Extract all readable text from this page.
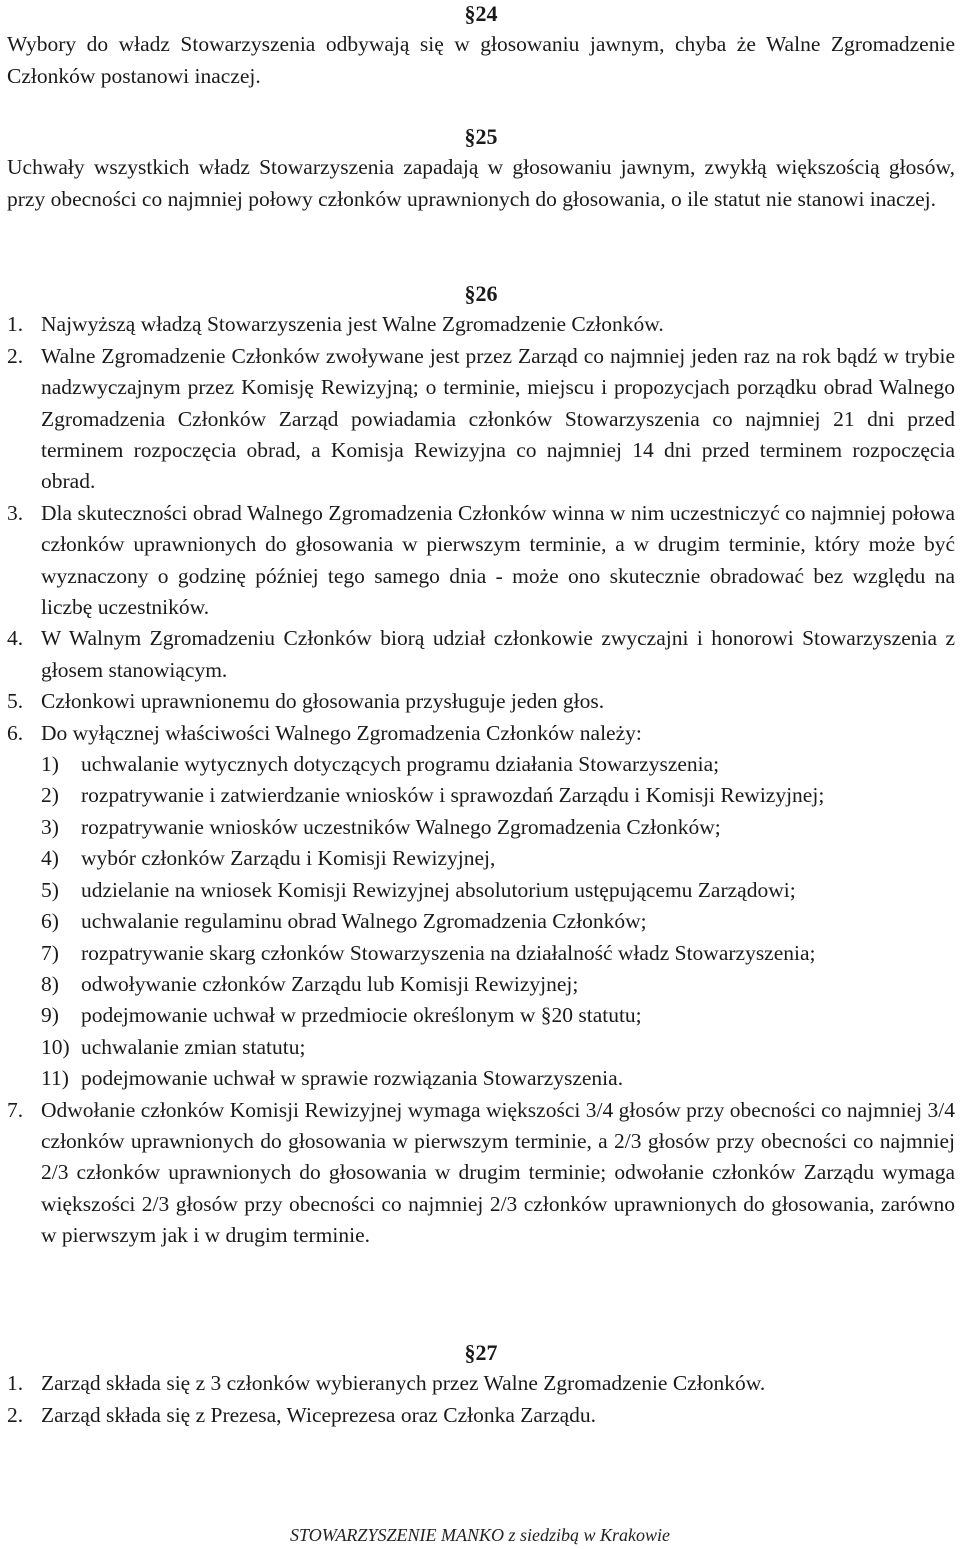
§24
Wybory do władz Stowarzyszenia odbywają się w głosowaniu jawnym, chyba że Walne Zgromadzenie Członków postanowi inaczej.
§25
Uchwały wszystkich władz Stowarzyszenia zapadają w głosowaniu jawnym, zwykłą większością głosów, przy obecności co najmniej połowy członków uprawnionych do głosowania, o ile statut nie stanowi inaczej.
§26
1. Najwyższą władzą Stowarzyszenia jest Walne Zgromadzenie Członków.
2. Walne Zgromadzenie Członków zwoływane jest przez Zarząd co najmniej jeden raz na rok bądź w trybie nadzwyczajnym przez Komisję Rewizyjną; o terminie, miejscu i propozycjach porządku obrad Walnego Zgromadzenia Członków Zarząd powiadamia członków Stowarzyszenia co najmniej 21 dni przed terminem rozpoczęcia obrad, a Komisja Rewizyjna co najmniej 14 dni przed terminem rozpoczęcia obrad.
3. Dla skuteczności obrad Walnego Zgromadzenia Członków winna w nim uczestniczyć co najmniej połowa członków uprawnionych do głosowania w pierwszym terminie, a w drugim terminie, który może być wyznaczony o godzinę później tego samego dnia - może ono skutecznie obradować bez względu na liczbę uczestników.
4. W Walnym Zgromadzeniu Członków biorą udział członkowie zwyczajni i honorowi Stowarzyszenia z głosem stanowiącym.
5. Członkowi uprawnionemu do głosowania przysługuje jeden głos.
6. Do wyłącznej właściwości Walnego Zgromadzenia Członków należy:
1)	uchwalanie wytycznych dotyczących programu działania Stowarzyszenia;
2)	rozpatrywanie i zatwierdzanie wniosków i sprawozdań Zarządu i Komisji Rewizyjnej;
3)	rozpatrywanie wniosków uczestników Walnego Zgromadzenia Członków;
4)	wybór członków Zarządu i Komisji Rewizyjnej,
5)	udzielanie na wniosek Komisji Rewizyjnej absolutorium ustępującemu Zarządowi;
6)	uchwalanie regulaminu obrad Walnego Zgromadzenia Członków;
7)	rozpatrywanie skarg członków Stowarzyszenia na działalność władz Stowarzyszenia;
8)	odwoływanie członków Zarządu lub Komisji Rewizyjnej;
9)	podejmowanie uchwał w przedmiocie określonym w §20 statutu;
10) uchwalanie zmian statutu;
11) podejmowanie uchwał w sprawie rozwiązania Stowarzyszenia.
7. Odwołanie członków Komisji Rewizyjnej wymaga większości 3/4 głosów przy obecności co najmniej 3/4 członków uprawnionych do głosowania w pierwszym terminie, a 2/3 głosów przy obecności co najmniej 2/3 członków uprawnionych do głosowania w drugim terminie; odwołanie członków Zarządu wymaga większości 2/3 głosów przy obecności co najmniej 2/3 członków uprawnionych do głosowania, zarówno w pierwszym jak i w drugim terminie.
§27
1. Zarząd składa się z 3 członków wybieranych przez Walne Zgromadzenie Członków.
2. Zarząd składa się z Prezesa, Wiceprezesa oraz Członka Zarządu.
STOWARZYSZENIE MANKO z siedzibą w Krakowie
